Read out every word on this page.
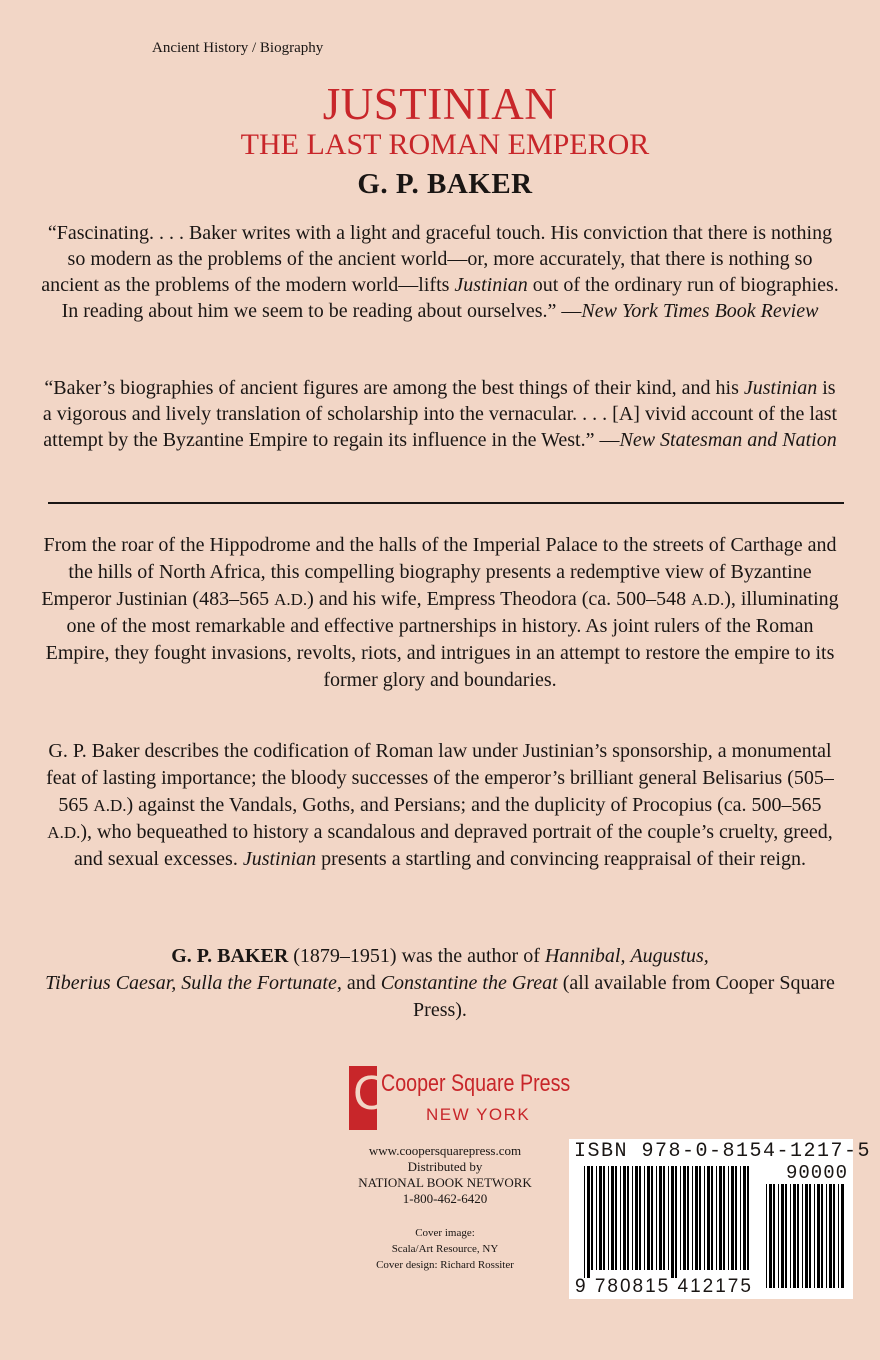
Ancient History / Biography
JUSTINIAN
THE LAST ROMAN EMPEROR
G. P. BAKER
“Fascinating. . . . Baker writes with a light and graceful touch. His conviction that there is nothing so modern as the problems of the ancient world—or, more accurately, that there is nothing so ancient as the problems of the modern world—lifts Justinian out of the ordinary run of biographies. In reading about him we seem to be reading about ourselves.” —New York Times Book Review
“Baker’s biographies of ancient figures are among the best things of their kind, and his Justinian is a vigorous and lively translation of scholarship into the vernacular. . . . [A] vivid account of the last attempt by the Byzantine Empire to regain its influence in the West.” —New Statesman and Nation
From the roar of the Hippodrome and the halls of the Imperial Palace to the streets of Carthage and the hills of North Africa, this compelling biography presents a redemptive view of Byzantine Emperor Justinian (483–565 A.D.) and his wife, Empress Theodora (ca. 500–548 A.D.), illuminating one of the most remarkable and effective partnerships in history. As joint rulers of the Roman Empire, they fought invasions, revolts, riots, and intrigues in an attempt to restore the empire to its former glory and boundaries.
G. P. Baker describes the codification of Roman law under Justinian’s sponsorship, a monumental feat of lasting importance; the bloody successes of the emperor’s brilliant general Belisarius (505–565 A.D.) against the Vandals, Goths, and Persians; and the duplicity of Procopius (ca. 500–565 A.D.), who bequeathed to history a scandalous and depraved portrait of the couple’s cruelty, greed, and sexual excesses. Justinian presents a startling and convincing reappraisal of their reign.
G. P. BAKER (1879–1951) was the author of Hannibal, Augustus,
Tiberius Caesar, Sulla the Fortunate, and Constantine the Great (all available from Cooper Square Press).
C
Cooper Square Press
NEW YORK
www.coopersquarepress.com
Distributed by
NATIONAL BOOK NETWORK
1-800-462-6420
Cover image:
Scala/Art Resource, NY
Cover design: Richard Rossiter
ISBN 978-0-8154-1217-5
90000
9 780815 412175
